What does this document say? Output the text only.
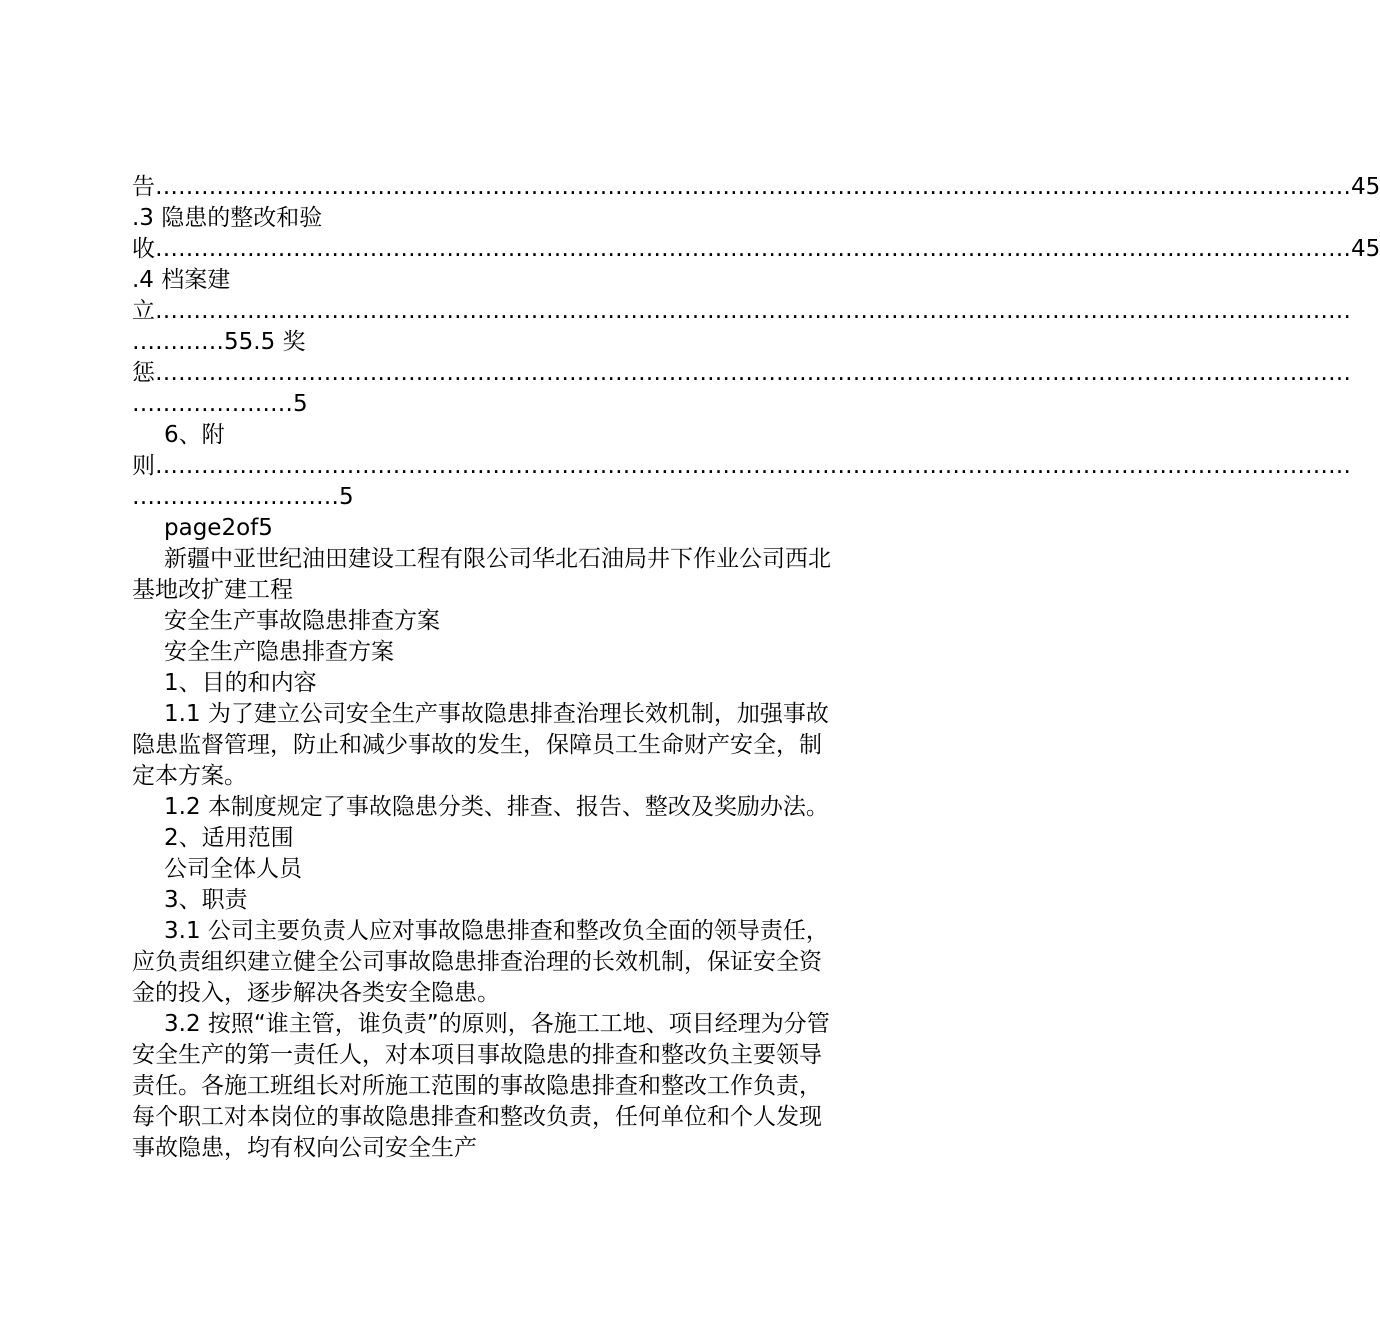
告 ………………………………………………………………………………………………………………………………………… 45
.3 隐患的整改和验
收 ………………………………………………………………………………………………………………………………………… 45
.4 档案建
立 …………………………………………………………………………………………………………………………………………
…………55.5 奖
惩 …………………………………………………………………………………………………………………………………………
…………………5
6、附
则 …………………………………………………………………………………………………………………………………………
………………………5
page2of5
新疆中亚世纪油田建设工程有限公司华北石油局井下作业公司西北基地改扩建工程
安全生产事故隐患排查方案
安全生产隐患排查方案
1、目的和内容
1.1 为了建立公司安全生产事故隐患排查治理长效机制，加强事故隐患监督管理，防止和减少事故的发生，保障员工生命财产安全，制定本方案。
1.2 本制度规定了事故隐患分类、排查、报告、整改及奖励办法。
2、适用范围
公司全体人员
3、职责
3.1 公司主要负责人应对事故隐患排查和整改负全面的领导责任，应负责组织建立健全公司事故隐患排查治理的长效机制，保证安全资金的投入，逐步解决各类安全隐患。
3.2 按照“谁主管，谁负责”的原则，各施工工地、项目经理为分管安全生产的第一责任人，对本项目事故隐患的排查和整改负主要领导责任。各施工班组长对所施工范围的事故隐患排查和整改工作负责，每个职工对本岗位的事故隐患排查和整改负责，任何单位和个人发现事故隐患，均有权向公司安全生产
